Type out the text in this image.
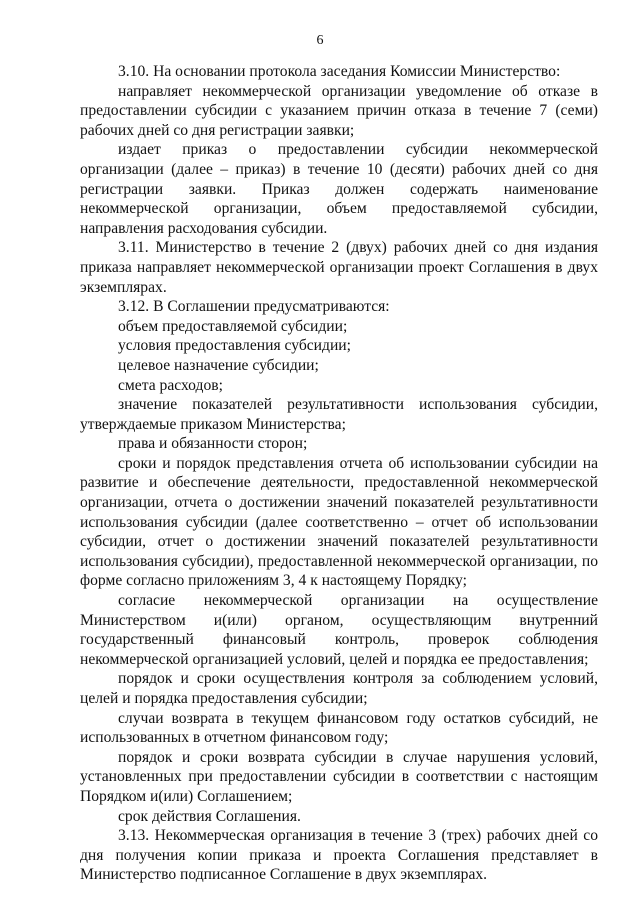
6

3.10. На основании протокола заседания Комиссии Министерство:

направляет некоммерческой организации уведомление об отказе в предоставлении субсидии с указанием причин отказа в течение 7 (семи) рабочих дней со дня регистрации заявки;

издает приказ о предоставлении субсидии некоммерческой организации (далее – приказ) в течение 10 (десяти) рабочих дней со дня регистрации заявки. Приказ должен содержать наименование некоммерческой организации, объем предоставляемой субсидии, направления расходования субсидии.

3.11. Министерство в течение 2 (двух) рабочих дней со дня издания приказа направляет некоммерческой организации проект Соглашения в двух экземплярах.

3.12. В Соглашении предусматриваются:

объем предоставляемой субсидии;

условия предоставления субсидии;

целевое назначение субсидии;

смета расходов;

значение показателей результативности использования субсидии, утверждаемые приказом Министерства;

права и обязанности сторон;

сроки и порядок представления отчета об использовании субсидии на развитие и обеспечение деятельности, предоставленной некоммерческой организации, отчета о достижении значений показателей результативности использования субсидии (далее соответственно – отчет об использовании субсидии, отчет о достижении значений показателей результативности использования субсидии), предоставленной некоммерческой организации, по форме согласно приложениям 3, 4 к настоящему Порядку;

согласие некоммерческой организации на осуществление Министерством и(или) органом, осуществляющим внутренний государственный финансовый контроль, проверок соблюдения некоммерческой организацией условий, целей и порядка ее предоставления;

порядок и сроки осуществления контроля за соблюдением условий, целей и порядка предоставления субсидии;

случаи возврата в текущем финансовом году остатков субсидий, не использованных в отчетном финансовом году;

порядок и сроки возврата субсидии в случае нарушения условий, установленных при предоставлении субсидии в соответствии с настоящим Порядком и(или) Соглашением;

срок действия Соглашения.

3.13. Некоммерческая организация в течение 3 (трех) рабочих дней со дня получения копии приказа и проекта Соглашения представляет в Министерство подписанное Соглашение в двух экземплярах.
